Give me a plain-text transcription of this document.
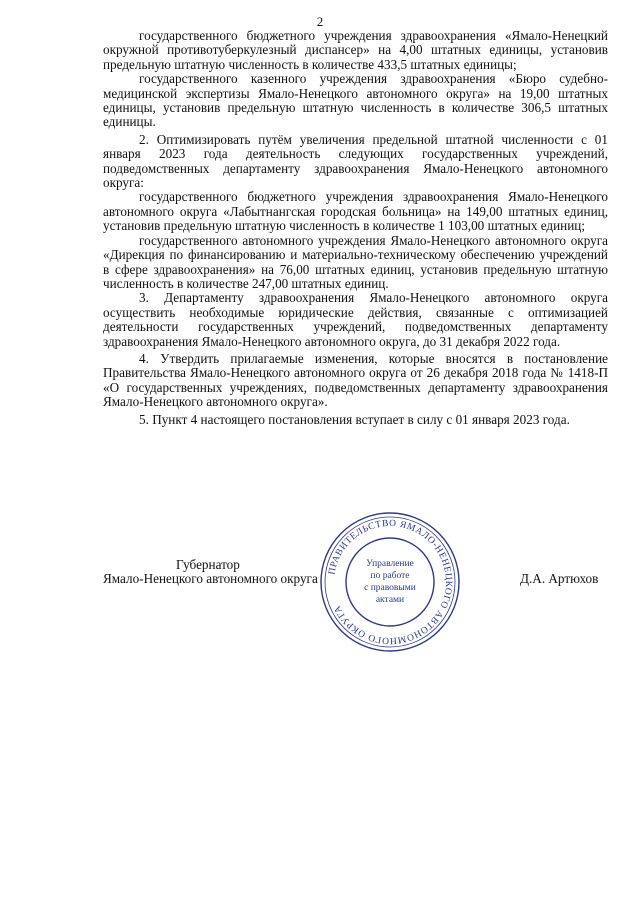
2

государственного бюджетного учреждения здравоохранения «Ямало-Ненецкий окружной противотуберкулезный диспансер» на 4,00 штатных единицы, установив предельную штатную численность в количестве 433,5 штатных единицы;

государственного казенного учреждения здравоохранения «Бюро судебно-медицинской экспертизы Ямало-Ненецкого автономного округа» на 19,00 штатных единицы, установив предельную штатную численность в количестве 306,5 штатных единицы.

2. Оптимизировать путём увеличения предельной штатной численности с 01 января 2023 года деятельность следующих государственных учреждений, подведомственных департаменту здравоохранения Ямало-Ненецкого автономного округа:

государственного бюджетного учреждения здравоохранения Ямало-Ненецкого автономного округа «Лабытнангская городская больница» на 149,00 штатных единиц, установив предельную штатную численность в количестве 1 103,00 штатных единиц;

государственного автономного учреждения Ямало-Ненецкого автономного округа «Дирекция по финансированию и материально-техническому обеспечению учреждений в сфере здравоохранения» на 76,00 штатных единиц, установив предельную штатную численность в количестве 247,00 штатных единиц.

3. Департаменту здравоохранения Ямало-Ненецкого автономного округа осуществить необходимые юридические действия, связанные с оптимизацией деятельности государственных учреждений, подведомственных департаменту здравоохранения Ямало-Ненецкого автономного округа, до 31 декабря 2022 года.

4. Утвердить прилагаемые изменения, которые вносятся в постановление Правительства Ямало-Ненецкого автономного округа от 26 декабря 2018 года № 1418-П «О государственных учреждениях, подведомственных департаменту здравоохранения Ямало-Ненецкого автономного округа».

5. Пункт 4 настоящего постановления вступает в силу с 01 января 2023 года.

Губернатор
Ямало-Ненецкого автономного округа	Д.А. Артюхов
ПРАВИТЕЛЬСТВО ЯМАЛО-НЕНЕЦКОГО АВТОНОМНОГО ОКРУГА
Управление
по работе
с правовыми
актами
